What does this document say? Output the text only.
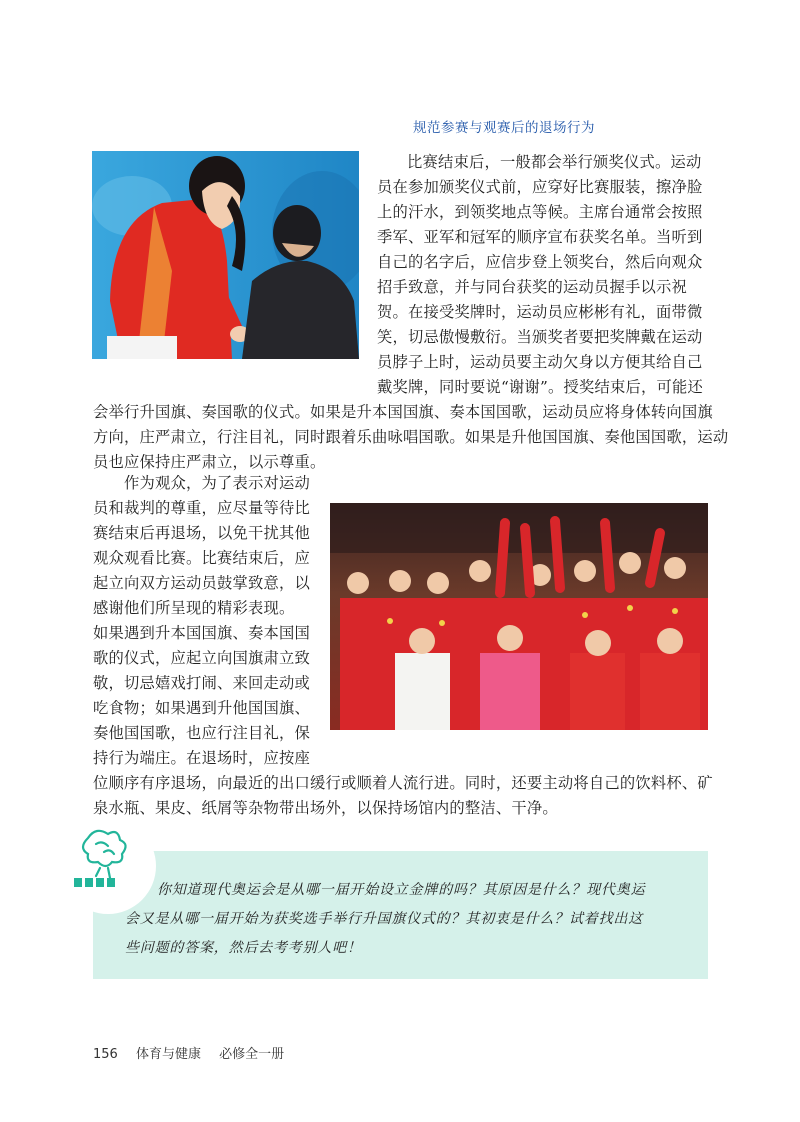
规范参赛与观赛后的退场行为
比赛结束后，一般都会举行颁奖仪式。运动
员在参加颁奖仪式前，应穿好比赛服装，擦净脸
上的汗水，到领奖地点等候。主席台通常会按照
季军、亚军和冠军的顺序宣布获奖名单。当听到
自己的名字后，应信步登上领奖台，然后向观众
招手致意，并与同台获奖的运动员握手以示祝
贺。在接受奖牌时，运动员应彬彬有礼，面带微
笑，切忌傲慢敷衍。当颁奖者要把奖牌戴在运动
员脖子上时，运动员要主动欠身以方便其给自己
戴奖牌，同时要说“谢谢”。授奖结束后，可能还
会举行升国旗、奏国歌的仪式。如果是升本国国旗、奏本国国歌，运动员应将身体转向国旗
方向，庄严肃立，行注目礼，同时跟着乐曲咏唱国歌。如果是升他国国旗、奏他国国歌，运动
员也应保持庄严肃立，以示尊重。
作为观众，为了表示对运动
员和裁判的尊重，应尽量等待比
赛结束后再退场，以免干扰其他
观众观看比赛。比赛结束后，应
起立向双方运动员鼓掌致意，以
感谢他们所呈现的精彩表现。
如果遇到升本国国旗、奏本国国
歌的仪式，应起立向国旗肃立致
敬，切忌嬉戏打闹、来回走动或
吃食物；如果遇到升他国国旗、
奏他国国歌，也应行注目礼，保
持行为端庄。在退场时，应按座
位顺序有序退场，向最近的出口缓行或顺着人流行进。同时，还要主动将自己的饮料杯、矿
泉水瓶、果皮、纸屑等杂物带出场外，以保持场馆内的整洁、干净。
你知道现代奥运会是从哪一届开始设立金牌的吗？其原因是什么？现代奥运
会又是从哪一届开始为获奖选手举行升国旗仪式的？其初衷是什么？试着找出这
些问题的答案，然后去考考别人吧！
156 体育与健康 必修全一册
